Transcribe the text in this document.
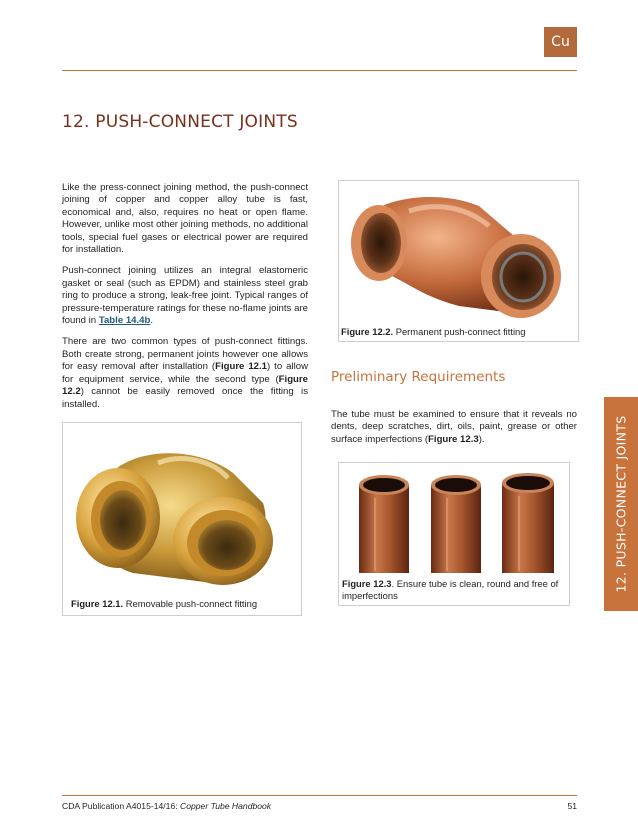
Cu
12. PUSH-CONNECT JOINTS

Like the press-connect joining method, the push-connect joining of copper and copper alloy tube is fast, economical and, also, requires no heat or open flame. However, unlike most other joining methods, no additional tools, special fuel gases or electrical power are required for installation.

Push-connect joining utilizes an integral elastomeric gasket or seal (such as EPDM) and stainless steel grab ring to produce a strong, leak-free joint. Typical ranges of pressure-temperature ratings for these no-flame joints are found in Table 14.4b.

There are two common types of push-connect fittings. Both create strong, permanent joints however one allows for easy removal after installation (Figure 12.1) to allow for equipment service, while the second type (Figure 12.2) cannot be easily removed once the fitting is installed.

Figure 12.1. Removable push-connect fitting
Figure 12.2. Permanent push-connect fitting
Preliminary Requirements

The tube must be examined to ensure that it reveals no dents, deep scratches, dirt, oils, paint, grease or other surface imperfections (Figure 12.3).

Figure 12.3. Ensure tube is clean, round and free of imperfections
12. PUSH-CONNECT JOINTS
CDA Publication A4015-14/16: Copper Tube Handbook	51
